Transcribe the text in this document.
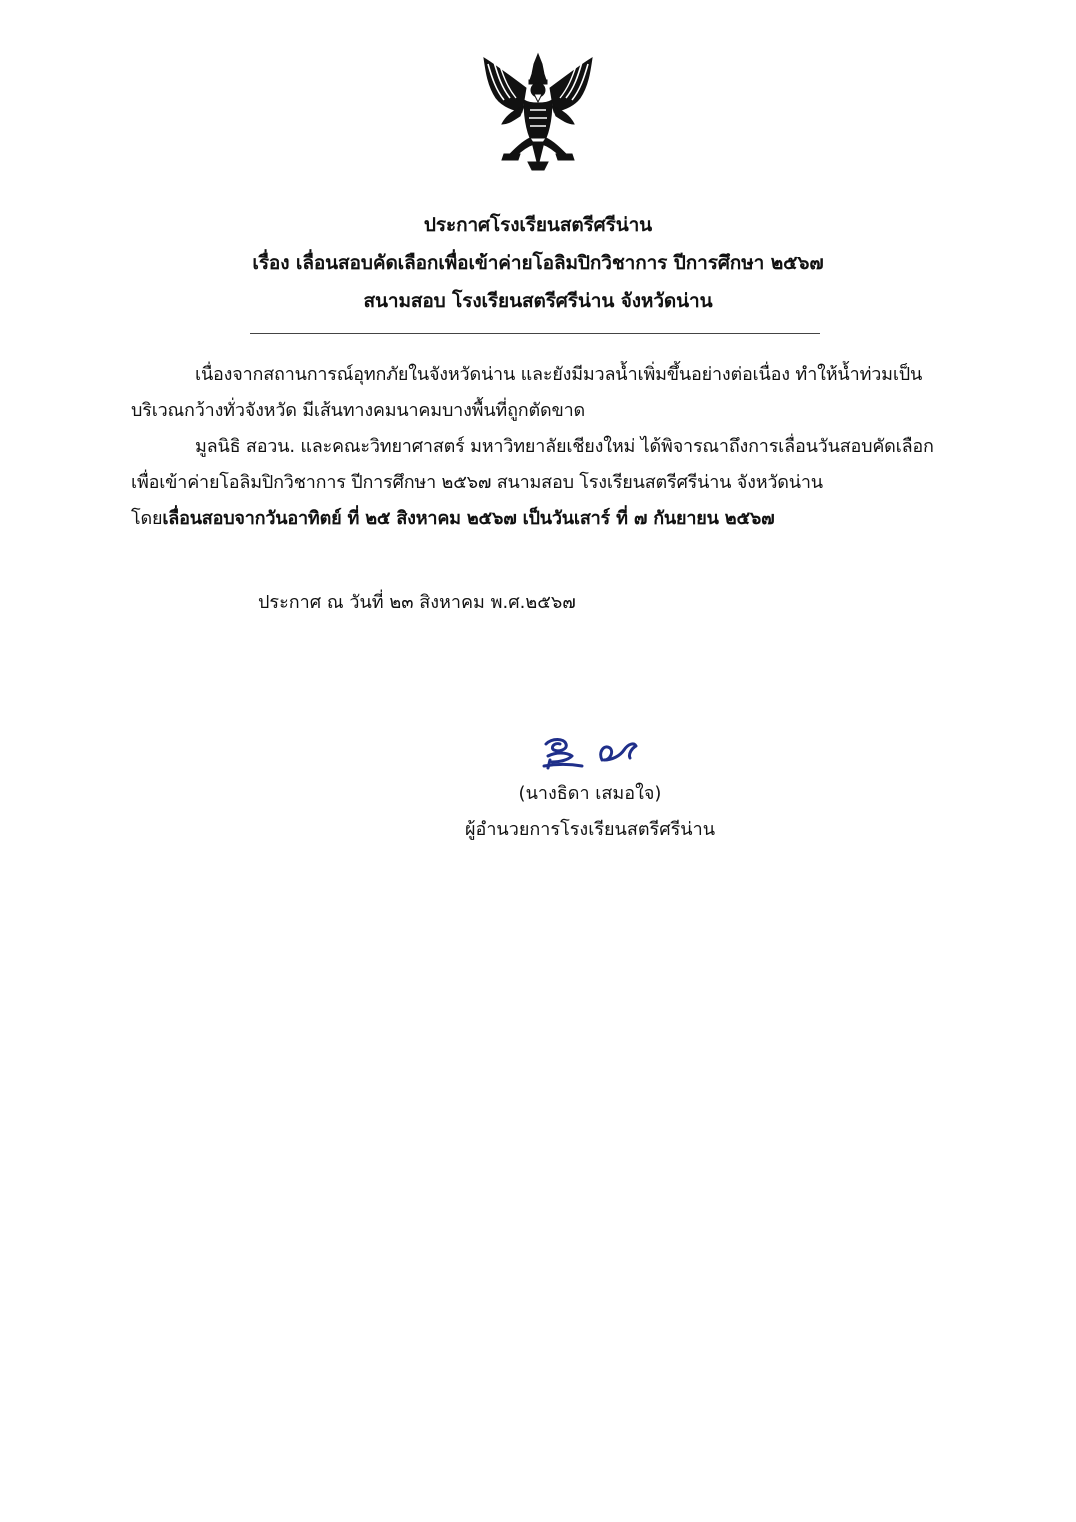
ประกาศโรงเรียนสตรีศรีน่าน
เรื่อง เลื่อนสอบคัดเลือกเพื่อเข้าค่ายโอลิมปิกวิชาการ ปีการศึกษา ๒๕๖๗
สนามสอบ โรงเรียนสตรีศรีน่าน จังหวัดน่าน
เนื่องจากสถานการณ์อุทกภัยในจังหวัดน่าน และยังมีมวลน้ำเพิ่มขึ้นอย่างต่อเนื่อง ทำให้น้ำท่วมเป็น
บริเวณกว้างทั่วจังหวัด มีเส้นทางคมนาคมบางพื้นที่ถูกตัดขาด
มูลนิธิ สอวน. และคณะวิทยาศาสตร์ มหาวิทยาลัยเชียงใหม่ ได้พิจารณาถึงการเลื่อนวันสอบคัดเลือก
เพื่อเข้าค่ายโอลิมปิกวิชาการ ปีการศึกษา ๒๕๖๗ สนามสอบ โรงเรียนสตรีศรีน่าน จังหวัดน่าน
โดยเลื่อนสอบจากวันอาทิตย์ ที่ ๒๕ สิงหาคม ๒๕๖๗ เป็นวันเสาร์ ที่ ๗ กันยายน ๒๕๖๗
ประกาศ ณ วันที่ ๒๓ สิงหาคม พ.ศ.๒๕๖๗
(นางธิดา เสมอใจ)
ผู้อำนวยการโรงเรียนสตรีศรีน่าน
